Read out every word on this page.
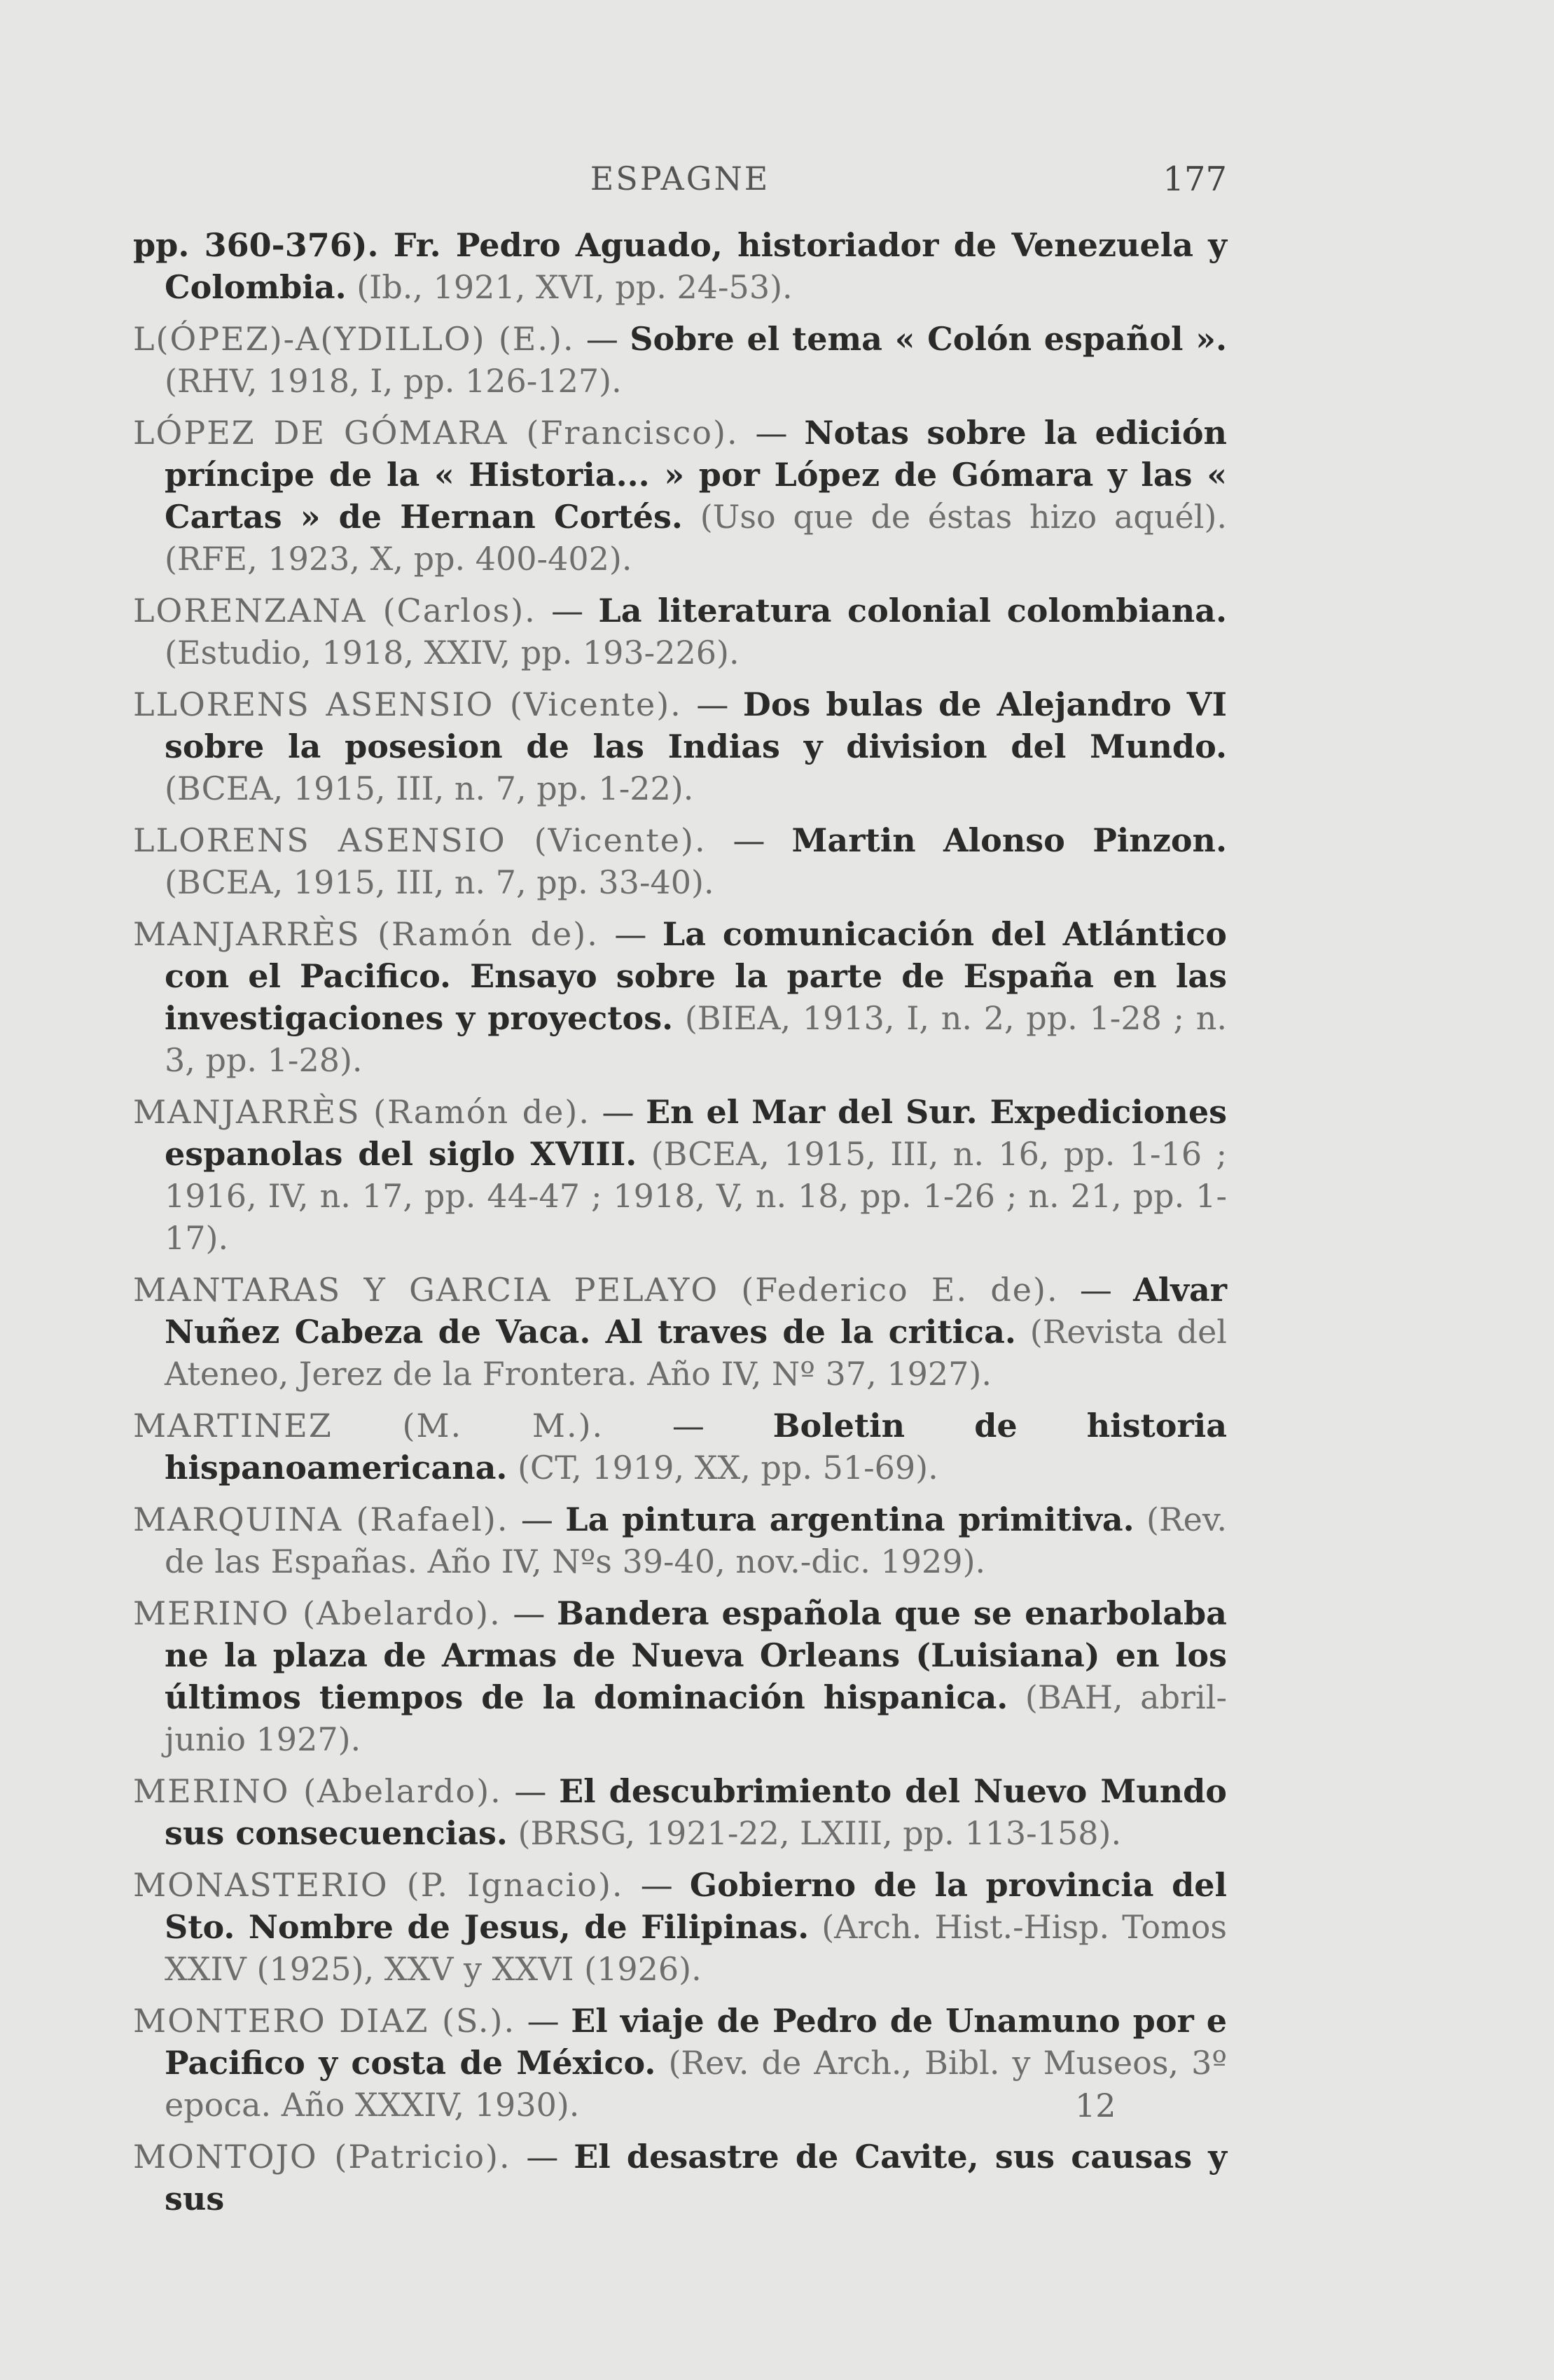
ESPAGNE	177
pp. 360-376). Fr. Pedro Aguado, historiador de Venezuela y Colombia. (Ib., 1921, XVI, pp. 24-53).
L(ÓPEZ)-A(YDILLO) (E.). — Sobre el tema « Colón español ». (RHV, 1918, I, pp. 126-127).
LÓPEZ DE GÓMARA (Francisco). — Notas sobre la edición príncipe de la « Historia... » por López de Gómara y las « Cartas » de Hernan Cortés. (Uso que de éstas hizo aquél). (RFE, 1923, X, pp. 400-402).
LORENZANA (Carlos). — La literatura colonial colombiana. (Estudio, 1918, XXIV, pp. 193-226).
LLORENS ASENSIO (Vicente). — Dos bulas de Alejandro VI sobre la posesion de las Indias y division del Mundo. (BCEA, 1915, III, n. 7, pp. 1-22).
LLORENS ASENSIO (Vicente). — Martin Alonso Pinzon. (BCEA, 1915, III, n. 7, pp. 33-40).
MANJARRÈS (Ramón de). — La comunicación del Atlántico con el Pacifico. Ensayo sobre la parte de España en las investigaciones y proyectos. (BIEA, 1913, I, n. 2, pp. 1-28 ; n. 3, pp. 1-28).
MANJARRÈS (Ramón de). — En el Mar del Sur. Expediciones espanolas del siglo XVIII. (BCEA, 1915, III, n. 16, pp. 1-16 ; 1916, IV, n. 17, pp. 44-47 ; 1918, V, n. 18, pp. 1-26 ; n. 21, pp. 1-17).
MANTARAS Y GARCIA PELAYO (Federico E. de). — Alvar Nuñez Cabeza de Vaca. Al traves de la critica. (Revista del Ateneo, Jerez de la Frontera. Año IV, Nº 37, 1927).
MARTINEZ (M. M.). — Boletin de historia hispanoamericana. (CT, 1919, XX, pp. 51-69).
MARQUINA (Rafael). — La pintura argentina primitiva. (Rev. de las Españas. Año IV, Nºs 39-40, nov.-dic. 1929).
MERINO (Abelardo). — Bandera española que se enarbolaba ne la plaza de Armas de Nueva Orleans (Luisiana) en los últimos tiempos de la dominación hispanica. (BAH, abril-junio 1927).
MERINO (Abelardo). — El descubrimiento del Nuevo Mundo sus consecuencias. (BRSG, 1921-22, LXIII, pp. 113-158).
MONASTERIO (P. Ignacio). — Gobierno de la provincia del Sto. Nombre de Jesus, de Filipinas. (Arch. Hist.-Hisp. Tomos XXIV (1925), XXV y XXVI (1926).
MONTERO DIAZ (S.). — El viaje de Pedro de Unamuno por e Pacifico y costa de México. (Rev. de Arch., Bibl. y Museos, 3º epoca. Año XXXIV, 1930).
MONTOJO (Patricio). — El desastre de Cavite, sus causas y sus
12
